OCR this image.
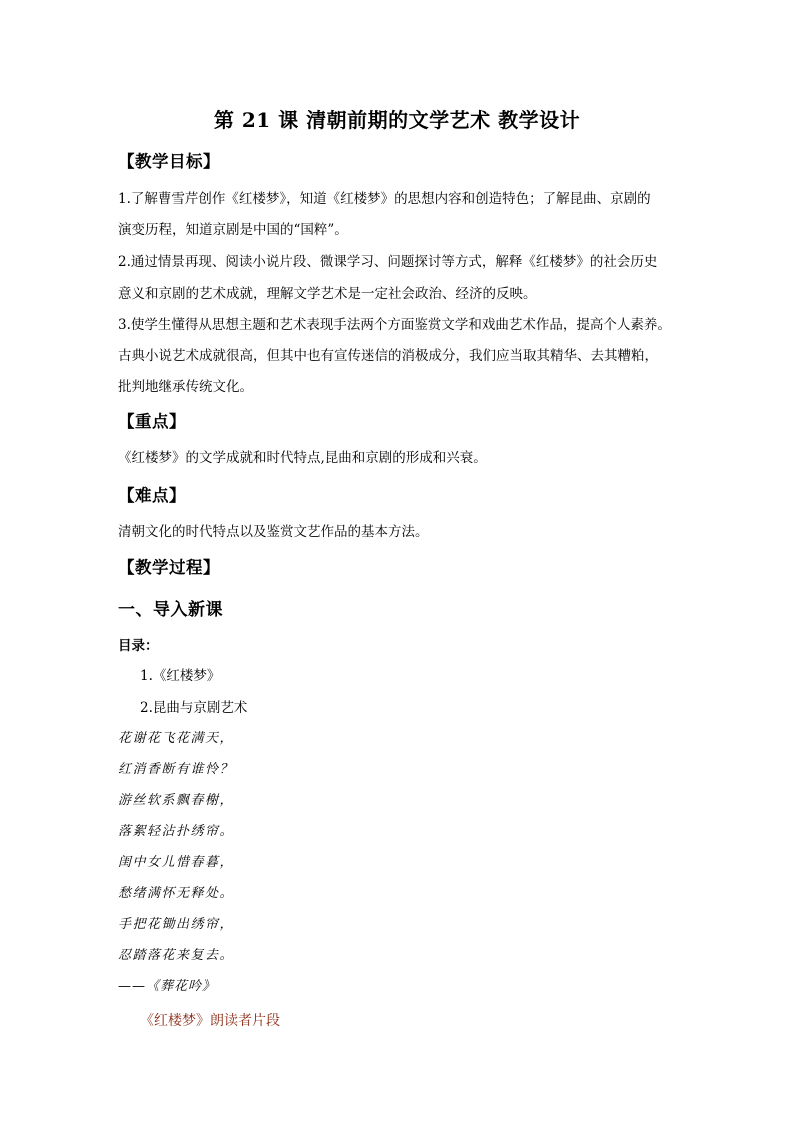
第 21 课 清朝前期的文学艺术 教学设计
【教学目标】
1.了解曹雪芹创作《红楼梦》，知道《红楼梦》的思想内容和创造特色；了解昆曲、京剧的
演变历程，知道京剧是中国的“国粹”。
2.通过情景再现、阅读小说片段、微课学习、问题探讨等方式，解释《红楼梦》的社会历史
意义和京剧的艺术成就，理解文学艺术是一定社会政治、经济的反映。
3.使学生懂得从思想主题和艺术表现手法两个方面鉴赏文学和戏曲艺术作品，提高个人素养。
古典小说艺术成就很高，但其中也有宣传迷信的消极成分，我们应当取其精华、去其糟粕，
批判地继承传统文化。
【重点】
《红楼梦》的文学成就和时代特点,昆曲和京剧的形成和兴衰。
【难点】
清朝文化的时代特点以及鉴赏文艺作品的基本方法。
【教学过程】
一、导入新课
目录：
1.《红楼梦》
2.昆曲与京剧艺术
花谢花飞花满天，
红消香断有谁怜？
游丝软系飘春榭，
落絮轻沾扑绣帘。
闺中女儿惜春暮，
愁绪满怀无释处。
手把花锄出绣帘，
忍踏落花来复去。
——《葬花吟》
《红楼梦》朗读者片段
